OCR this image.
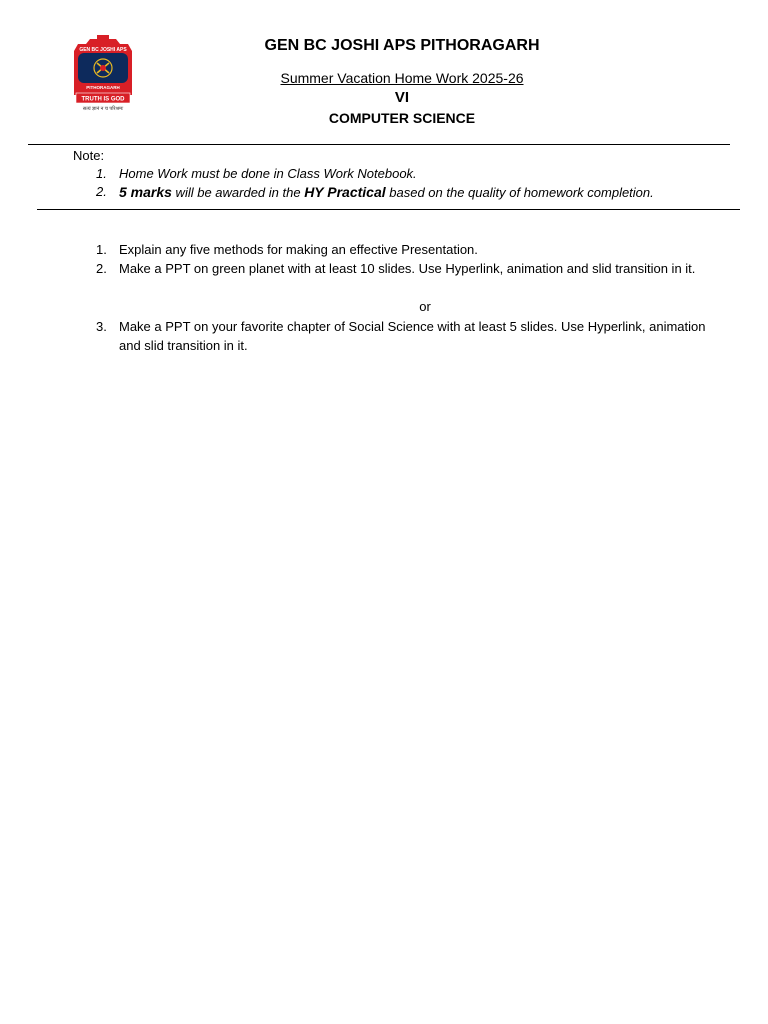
GEN BC JOSHI APS
PITHORAGARH
TRUTH IS GOD
सत्यं ज्ञानं न च परिश्रमः
GEN BC JOSHI APS PITHORAGARH
Summer Vacation Home Work 2025-26
VI
COMPUTER SCIENCE
Note:
1. Home Work must be done in Class Work Notebook.
2. 5 marks will be awarded in the HY Practical based on the quality of homework completion.
1. Explain any five methods for making an effective Presentation.
2. Make a PPT on green planet with at least 10 slides. Use Hyperlink, animation and slid transition in it.
or
3. Make a PPT on your favorite chapter of Social Science with at least 5 slides. Use Hyperlink, animation and slid transition in it.
